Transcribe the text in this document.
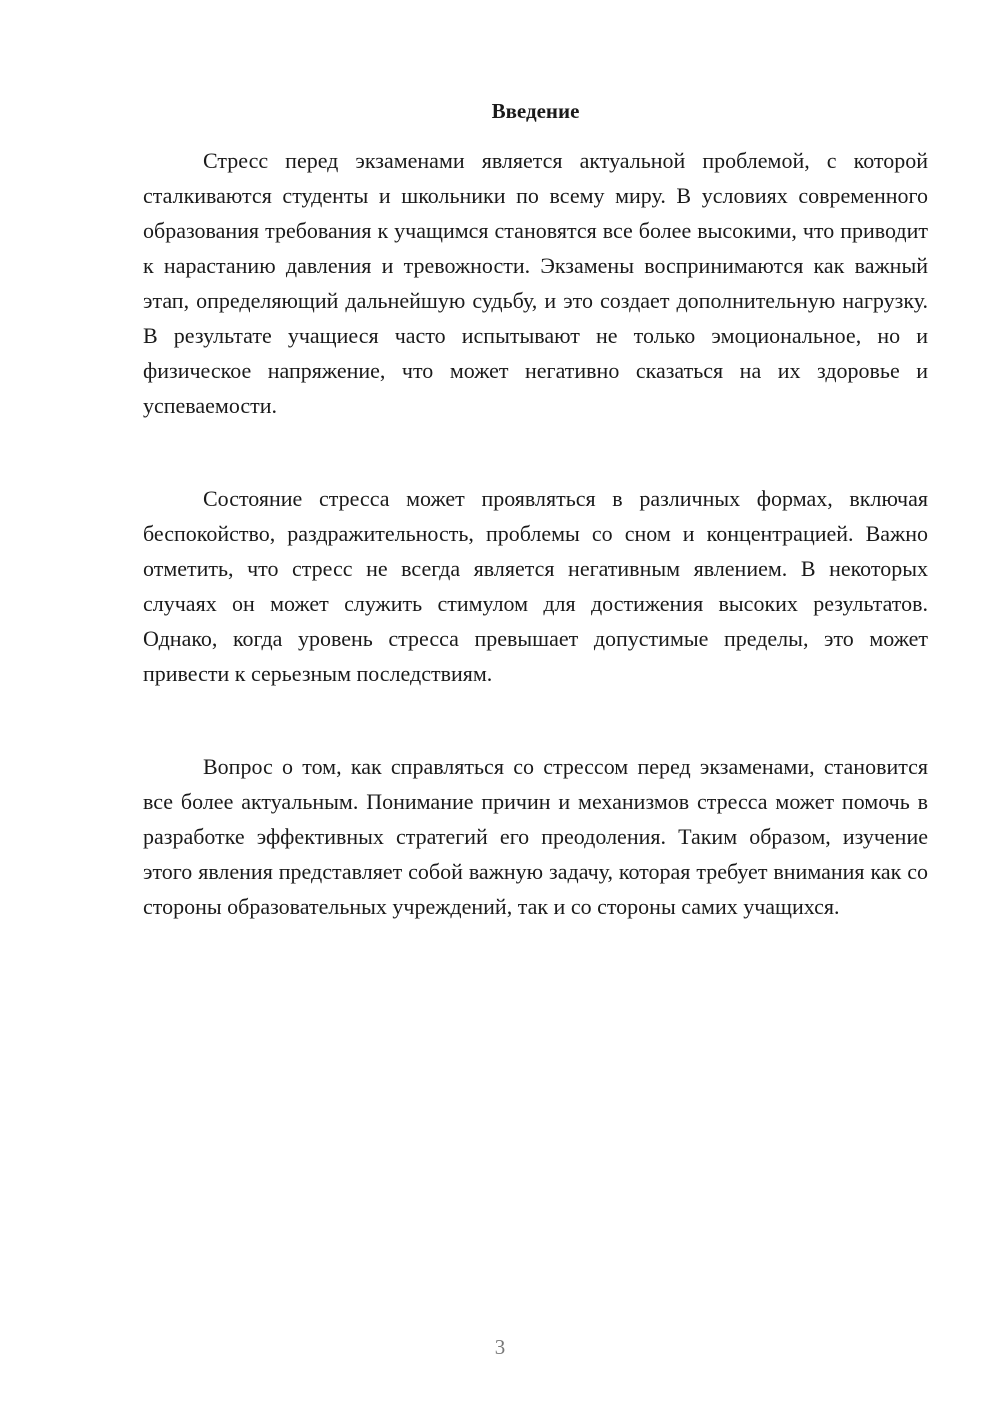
Введение

Стресс перед экзаменами является актуальной проблемой, с которой сталкиваются студенты и школьники по всему миру. В условиях современного образования требования к учащимся становятся все более высокими, что приводит к нарастанию давления и тревожности. Экзамены воспринимаются как важный этап, определяющий дальнейшую судьбу, и это создает дополнительную нагрузку. В результате учащиеся часто испытывают не только эмоциональное, но и физическое напряжение, что может негативно сказаться на их здоровье и успеваемости.

Состояние стресса может проявляться в различных формах, включая беспокойство, раздражительность, проблемы со сном и концентрацией. Важно отметить, что стресс не всегда является негативным явлением. В некоторых случаях он может служить стимулом для достижения высоких результатов. Однако, когда уровень стресса превышает допустимые пределы, это может привести к серьезным последствиям.

Вопрос о том, как справляться со стрессом перед экзаменами, становится все более актуальным. Понимание причин и механизмов стресса может помочь в разработке эффективных стратегий его преодоления. Таким образом, изучение этого явления представляет собой важную задачу, которая требует внимания как со стороны образовательных учреждений, так и со стороны самих учащихся.

3
